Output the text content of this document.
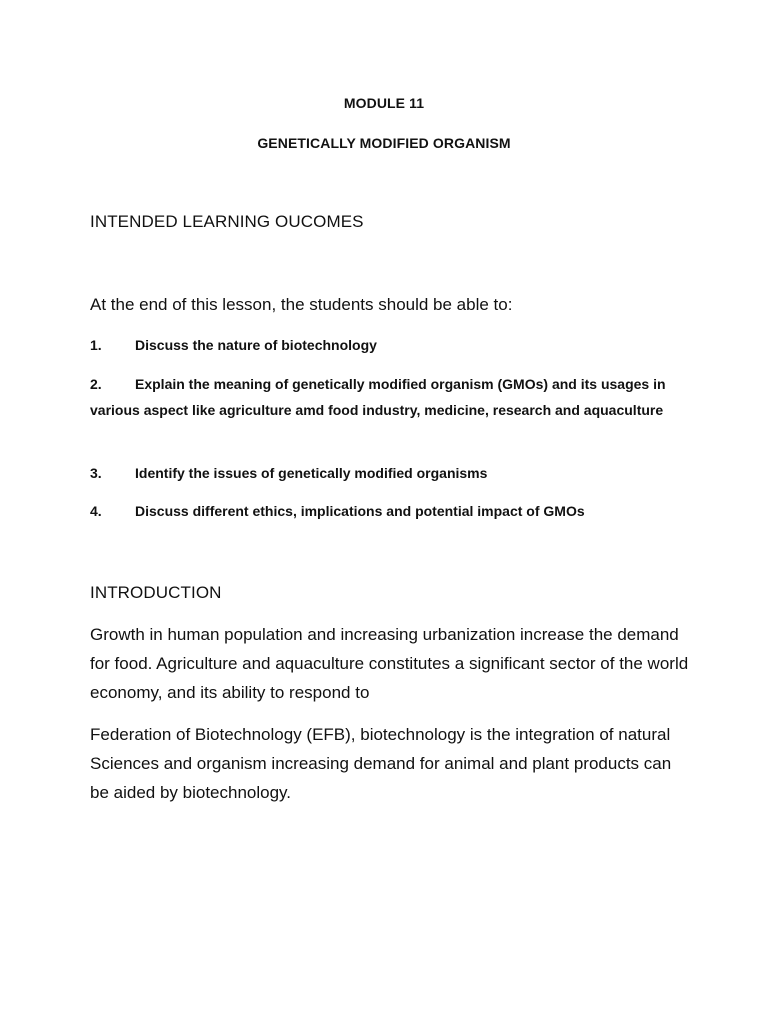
MODULE 11
GENETICALLY MODIFIED ORGANISM
INTENDED LEARNING OUCOMES
At the end of this lesson, the students should be able to:
1. Discuss the nature of biotechnology
2. Explain the meaning of genetically modified organism (GMOs) and its usages in various aspect like agriculture amd food industry, medicine, research and aquaculture
3. Identify the issues of genetically modified organisms
4. Discuss different ethics, implications and potential impact of GMOs
INTRODUCTION
Growth in human population and increasing urbanization increase the demand for food. Agriculture and aquaculture constitutes a significant sector of the world economy, and its ability to respond to
Federation of Biotechnology (EFB), biotechnology is the integration of natural Sciences and organism increasing demand for animal and plant products can be aided by biotechnology.
